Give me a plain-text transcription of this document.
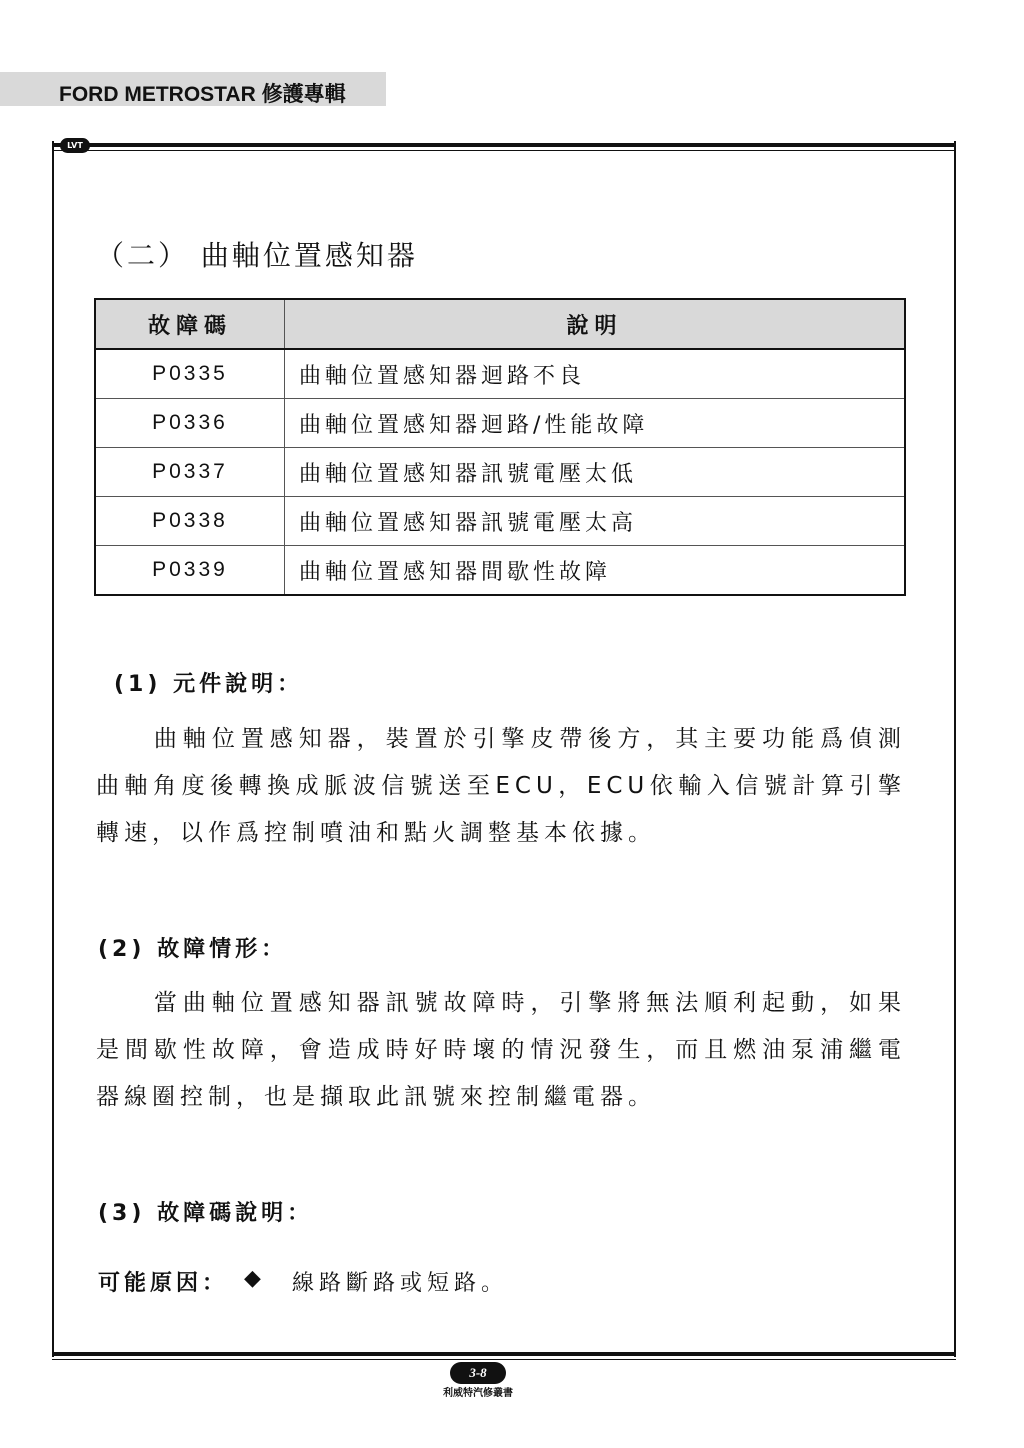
FORD METROSTAR 修護專輯
LVT
（二） 曲軸位置感知器
故障碼	說明
P0335	曲軸位置感知器迴路不良
P0336	曲軸位置感知器迴路/性能故障
P0337	曲軸位置感知器訊號電壓太低
P0338	曲軸位置感知器訊號電壓太高
P0339	曲軸位置感知器間歇性故障
(1) 元件說明：
　　曲軸位置感知器，裝置於引擎皮帶後方，其主要功能爲偵測曲軸角度後轉換成脈波信號送至ECU，ECU依輸入信號計算引擎轉速，以作爲控制噴油和點火調整基本依據。
(2) 故障情形：
　　當曲軸位置感知器訊號故障時，引擎將無法順利起動，如果是間歇性故障，會造成時好時壞的情況發生，而且燃油泵浦繼電器線圈控制，也是擷取此訊號來控制繼電器。
(3) 故障碼說明：
可能原因： ◆ 線路斷路或短路。
3-8
利威特汽修叢書
